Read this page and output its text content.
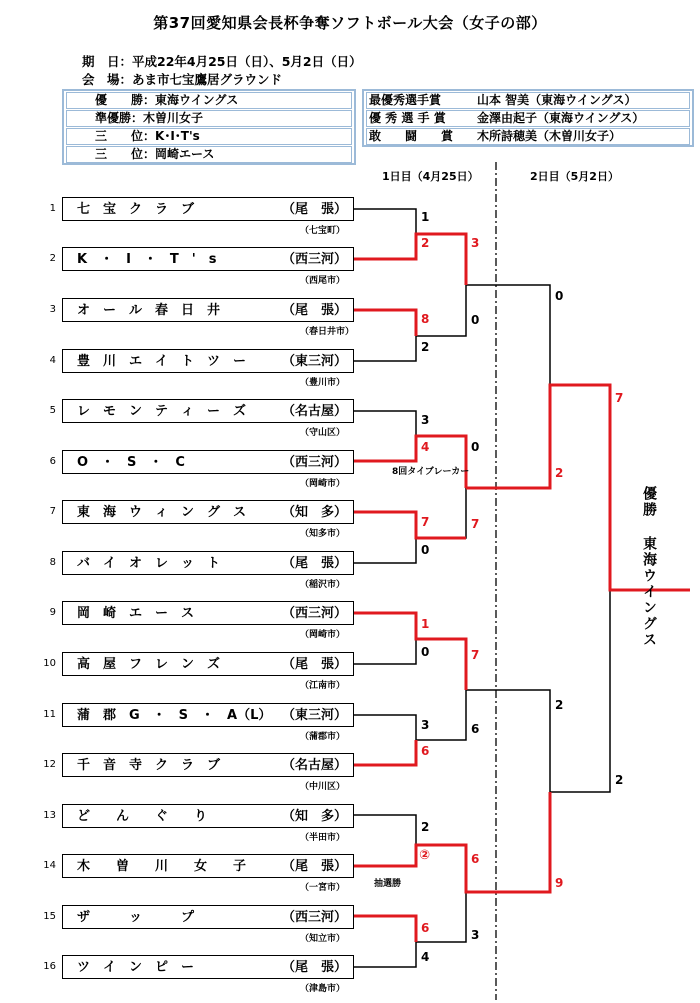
第37回愛知県会長杯争奪ソフトボール大会（女子の部）
期　日：平成22年4月25日（日）、5月2日（日）
会　場：あま市七宝鷹居グラウンド
優　　勝：東海ウイングス
準優勝：木曽川女子
三　　位：K･I･T's
三　　位：岡崎エース
最優秀選手賞	山本 智美（東海ウイングス）
優 秀 選 手 賞	金澤由起子（東海ウイングス）
敢　　闘　　賞 木所詩穂美（木曽川女子）
1日目（4月25日）	2日目（5月2日）
1 七　宝　ク　ラ　ブ	（尾　張）
（七宝町）
2 K　・　I　・　T　'　s	（西三河）
（西尾市）
3 オ　ー　ル　春　日　井	（尾　張）
（春日井市）
4 豊　川　エ　イ　ト　ツ　ー	（東三河）
（豊川市）
5 レ　モ　ン　テ　ィ　ー　ズ	（名古屋）
（守山区）
6 O　・　S　・　C	（西三河）
（岡崎市）
7 東　海　ウ　ィ　ン　グ　ス	（知　多）
（知多市）
8 バ　イ　オ　レ　ッ　ト	（尾　張）
（稲沢市）
9 岡　崎　エ　ー　ス	（西三河）
（岡崎市）
10 高　屋　フ　レ　ン　ズ	（尾　張）
（江南市）
11 蒲　郡　G　・　S　・　A（L） （東三河）
（蒲郡市）
12 千　音　寺　ク　ラ　ブ	（名古屋）
（中川区）
13 ど　　ん　　ぐ　　り	（知　多）
（半田市）
14 木　　曽　　川　　女　　子	（尾　張）
（一宮市）
15 ザ　　　ッ　　　プ	（西三河）
（知立市）
16 ツ　イ　ン　ピ　ー	（尾　張）
（津島市）
1
2
8
2
3
4
7
0
1
0
3
6
2
②
6
4
3
0
0
7
7
6
6
3
0
2
2
9
7
2
8回タイブレーカー
抽選勝
優勝
東海ウイングス
